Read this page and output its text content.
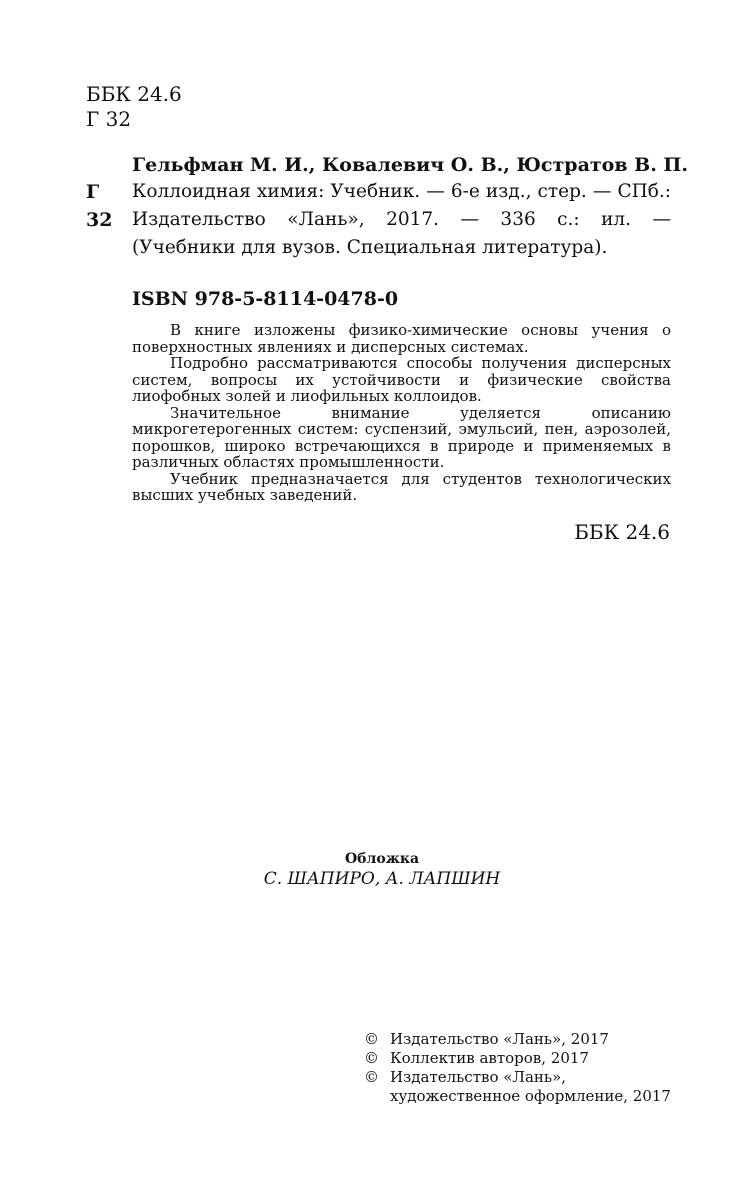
ББК 24.6
Г 32
Гельфман М. И., Ковалевич О. В., Юстратов В. П.
Г 32
Коллоидная химия: Учебник. — 6-е изд., стер. — СПб.: Издательство «Лань», 2017. — 336 с.: ил. — (Учебники для вузов. Специальная литература).
ISBN 978-5-8114-0478-0

В книге изложены физико-химические основы учения о поверхностных явлениях и дисперсных системах.

Подробно рассматриваются способы получения дисперсных систем, вопросы их устойчивости и физические свойства лиофобных золей и лиофильных коллоидов.

Значительное внимание уделяется описанию микрогетерогенных систем: суспензий, эмульсий, пен, аэрозолей, порошков, широко встречающихся в природе и применяемых в различных областях промышленности.

Учебник предназначается для студентов технологических высших учебных заведений.

ББК 24.6
Обложка
С. ШАПИРО, А. ЛАПШИН
© Издательство «Лань», 2017
© Коллектив авторов, 2017
© Издательство «Лань»,
художественное оформление, 2017
